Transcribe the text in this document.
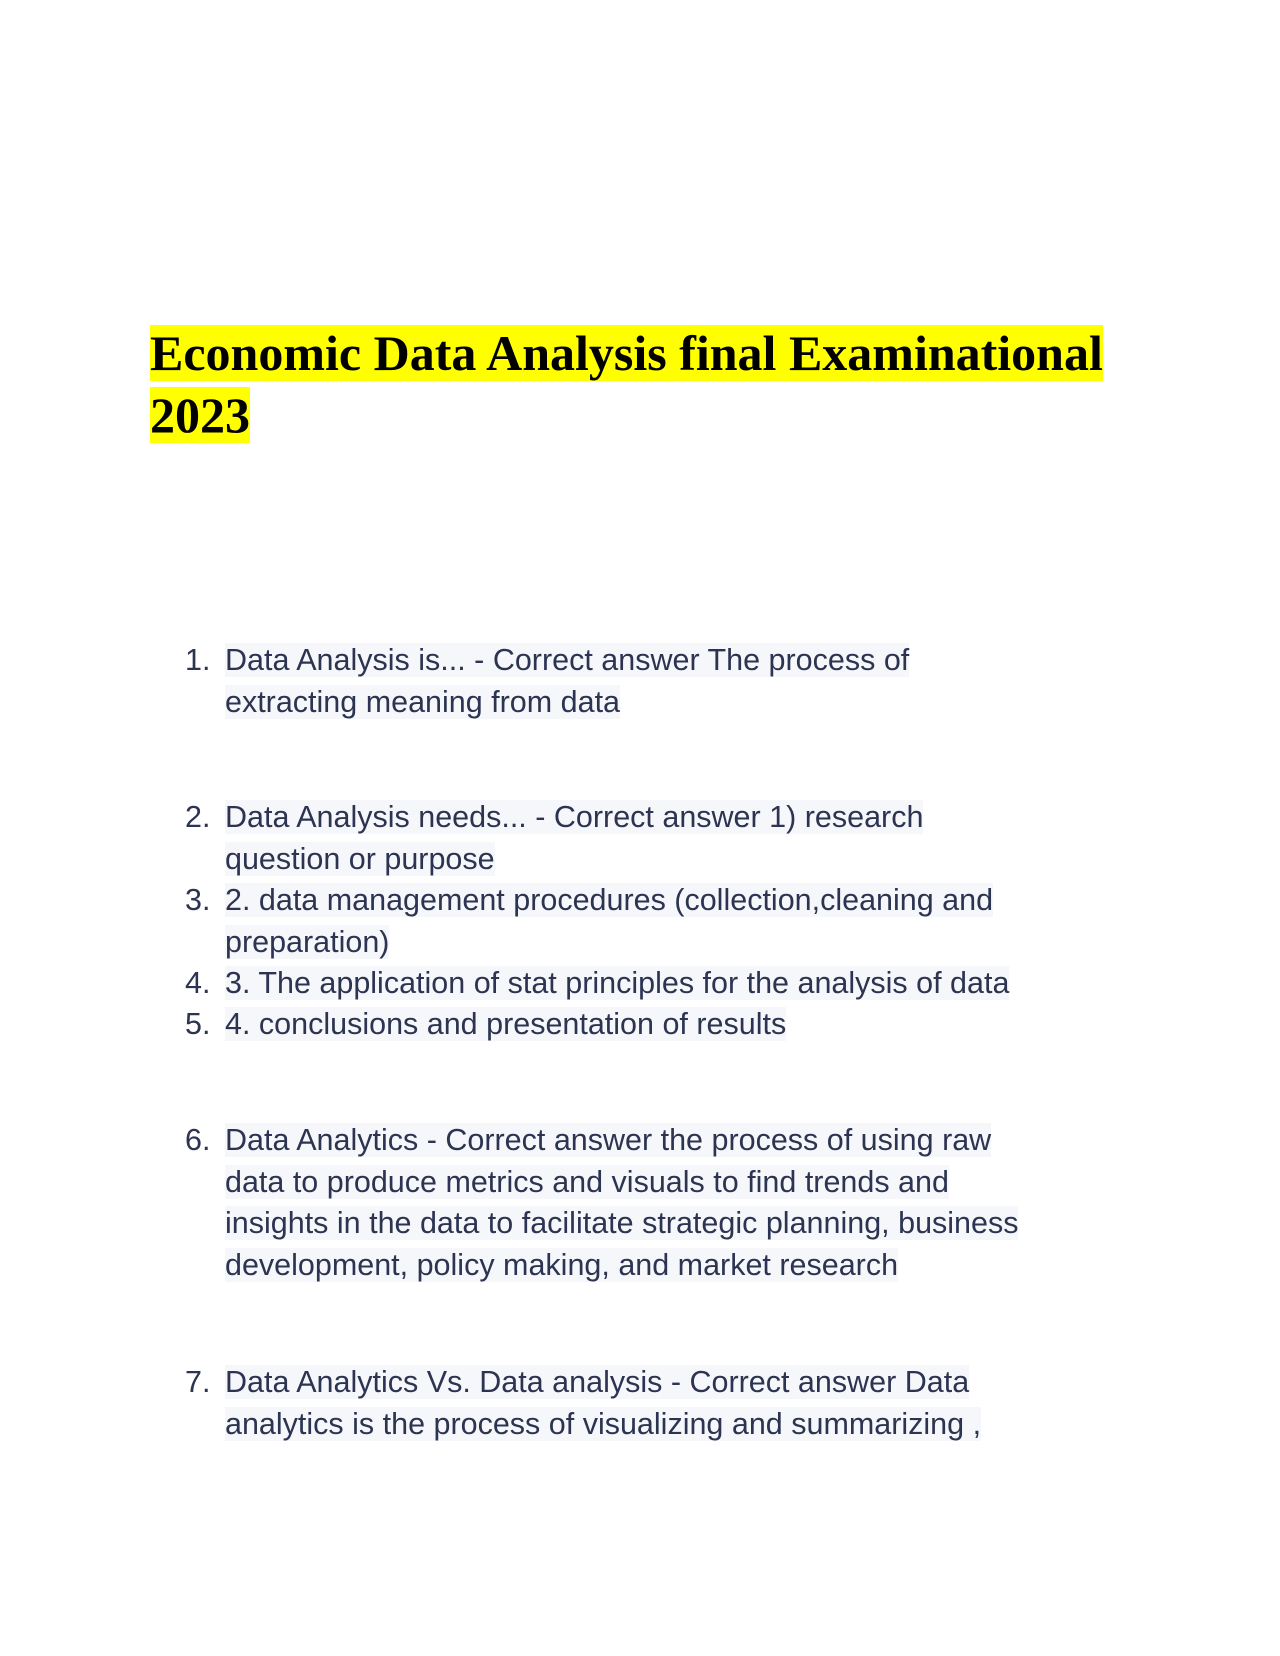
Economic Data Analysis final Examinational
2023
1. Data Analysis is... - Correct answer The process of
extracting meaning from data
2. Data Analysis needs... - Correct answer 1) research
question or purpose
3. 2. data management procedures (collection,cleaning and
preparation)
4. 3. The application of stat principles for the analysis of data
5. 4. conclusions and presentation of results
6. Data Analytics - Correct answer the process of using raw
data to produce metrics and visuals to find trends and
insights in the data to facilitate strategic planning, business
development, policy making, and market research
7. Data Analytics Vs. Data analysis - Correct answer Data
analytics is the process of visualizing and summarizing ,
